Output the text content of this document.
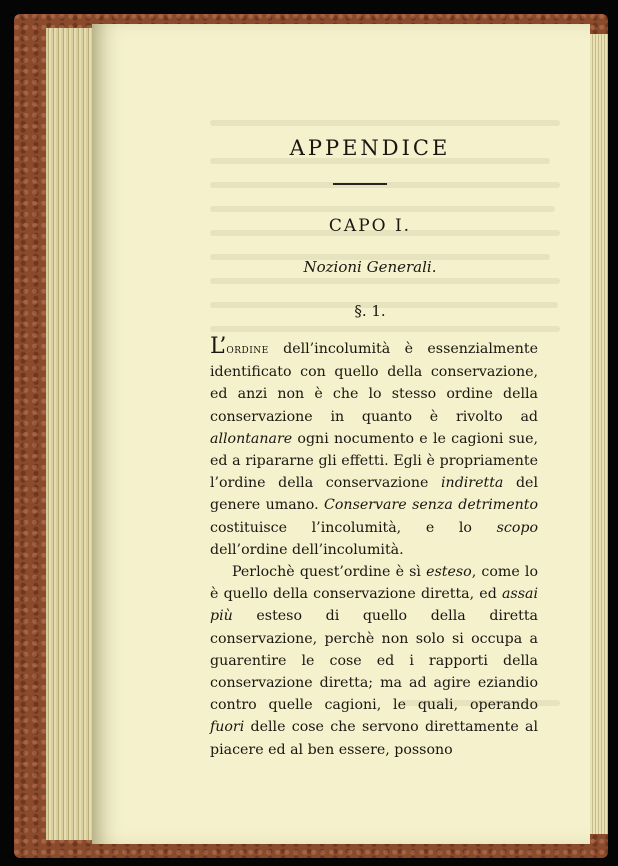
APPENDICE
CAPO I.
Nozioni Generali.
§. 1.

L’ordine dell’incolumità è essenzialmente identificato con quello della conservazione, ed anzi non è che lo stesso ordine della conservazione in quanto è rivolto ad allontanare ogni nocumento e le cagioni sue, ed a ripararne gli effetti. Egli è propriamente l’ordine della conservazione indiretta del genere umano. Conservare senza detrimento costituisce l’incolumità, e lo scopo dell’ordine dell’incolumità.

Perlochè quest’ordine è sì esteso, come lo è quello della conservazione diretta, ed assai più esteso di quello della diretta conservazione, perchè non solo si occupa a guarentire le cose ed i rapporti della conservazione diretta; ma ad agire eziandio contro quelle cagioni, le quali, operando fuori delle cose che servono direttamente al piacere ed al ben essere, possono
